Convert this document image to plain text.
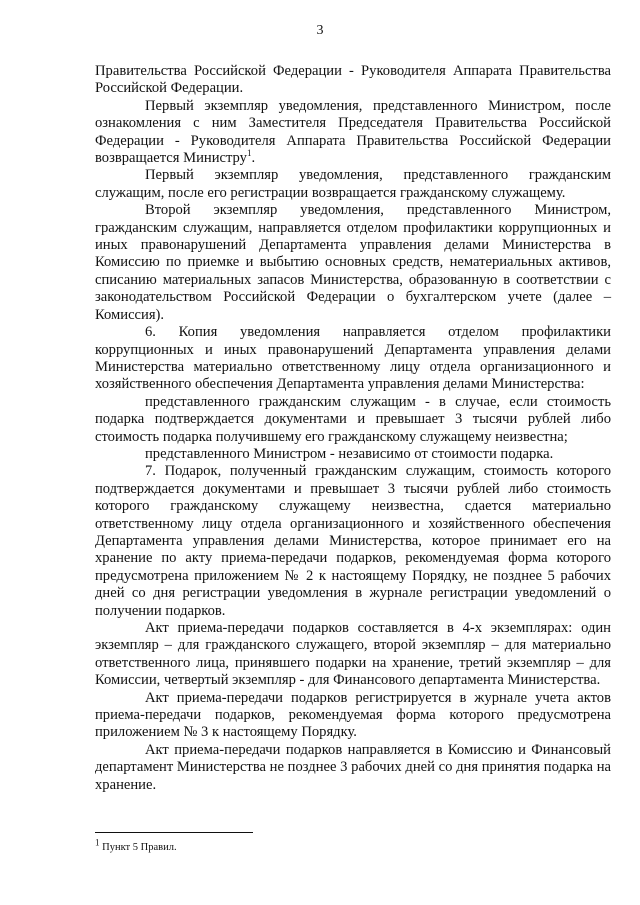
3

Правительства Российской Федерации - Руководителя Аппарата Правительства Российской Федерации.

Первый экземпляр уведомления, представленного Министром, после ознакомления с ним Заместителя Председателя Правительства Российской Федерации - Руководителя Аппарата Правительства Российской Федерации возвращается Министру$^1$.

Первый экземпляр уведомления, представленного гражданским служащим, после его регистрации возвращается гражданскому служащему.

Второй экземпляр уведомления, представленного Министром, гражданским служащим, направляется отделом профилактики коррупционных и иных правонарушений Департамента управления делами Министерства в Комиссию по приемке и выбытию основных средств, нематериальных активов, списанию материальных запасов Министерства, образованную в соответствии с законодательством Российской Федерации о бухгалтерском учете (далее – Комиссия).

6. Копия уведомления направляется отделом профилактики коррупционных и иных правонарушений Департамента управления делами Министерства материально ответственному лицу отдела организационного и хозяйственного обеспечения Департамента управления делами Министерства:

представленного гражданским служащим - в случае, если стоимость подарка подтверждается документами и превышает 3 тысячи рублей либо стоимость подарка получившему его гражданскому служащему неизвестна;

представленного Министром - независимо от стоимости подарка.

7. Подарок, полученный гражданским служащим, стоимость которого подтверждается документами и превышает 3 тысячи рублей либо стоимость которого гражданскому служащему неизвестна, сдается материально ответственному лицу отдела организационного и хозяйственного обеспечения Департамента управления делами Министерства, которое принимает его на хранение по акту приема-передачи подарков, рекомендуемая форма которого предусмотрена приложением № 2 к настоящему Порядку, не позднее 5 рабочих дней со дня регистрации уведомления в журнале регистрации уведомлений о получении подарков.

Акт приема-передачи подарков составляется в 4-х экземплярах: один экземпляр – для гражданского служащего, второй экземпляр – для материально ответственного лица, принявшего подарки на хранение, третий экземпляр – для Комиссии, четвертый экземпляр - для Финансового департамента Министерства.

Акт приема-передачи подарков регистрируется в журнале учета актов приема-передачи подарков, рекомендуемая форма которого предусмотрена приложением № 3 к настоящему Порядку.

Акт приема-передачи подарков направляется в Комиссию и Финансовый департамент Министерства не позднее 3 рабочих дней со дня принятия подарка на хранение.

$^1$ Пункт 5 Правил.
